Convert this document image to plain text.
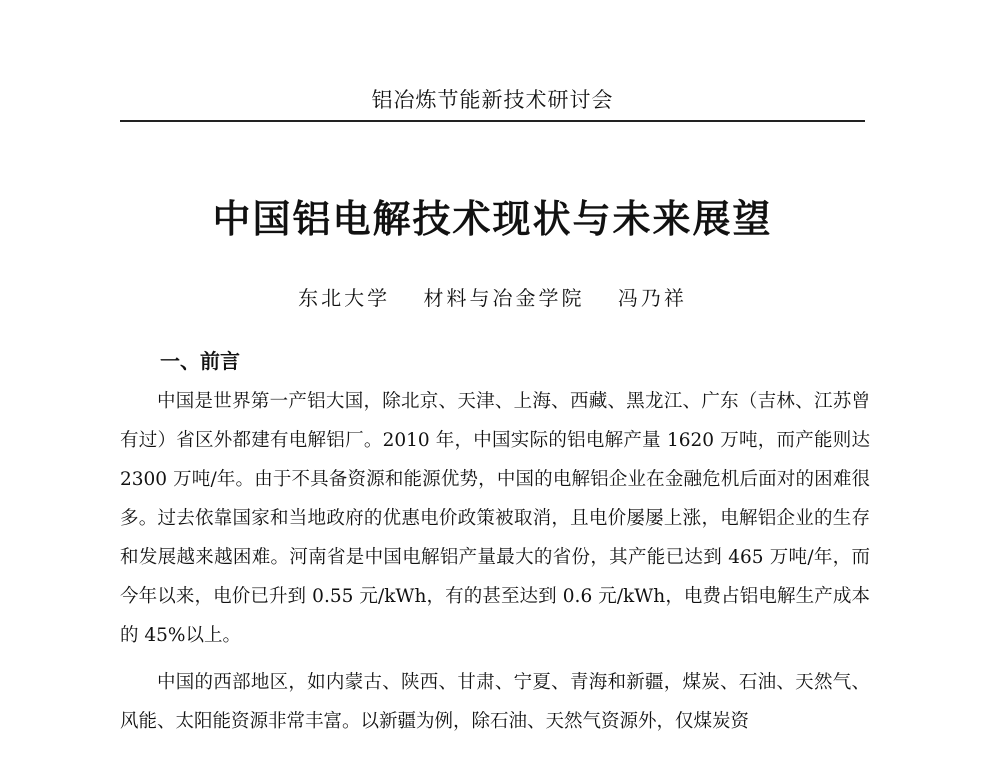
铝冶炼节能新技术研讨会
中国铝电解技术现状与未来展望
东北大学 材料与冶金学院 冯乃祥
一、前言

中国是世界第一产铝大国，除北京、天津、上海、西藏、黑龙江、广东（吉林、江苏曾有过）省区外都建有电解铝厂。2010 年，中国实际的铝电解产量 1620 万吨，而产能则达 2300 万吨/年。由于不具备资源和能源优势，中国的电解铝企业在金融危机后面对的困难很多。过去依靠国家和当地政府的优惠电价政策被取消，且电价屡屡上涨，电解铝企业的生存和发展越来越困难。河南省是中国电解铝产量最大的省份，其产能已达到 465 万吨/年，而今年以来，电价已升到 0.55 元/kWh，有的甚至达到 0.6 元/kWh，电费占铝电解生产成本的 45%以上。

中国的西部地区，如内蒙古、陕西、甘肃、宁夏、青海和新疆，煤炭、石油、天然气、风能、太阳能资源非常丰富。以新疆为例，除石油、天然气资源外，仅煤炭资
